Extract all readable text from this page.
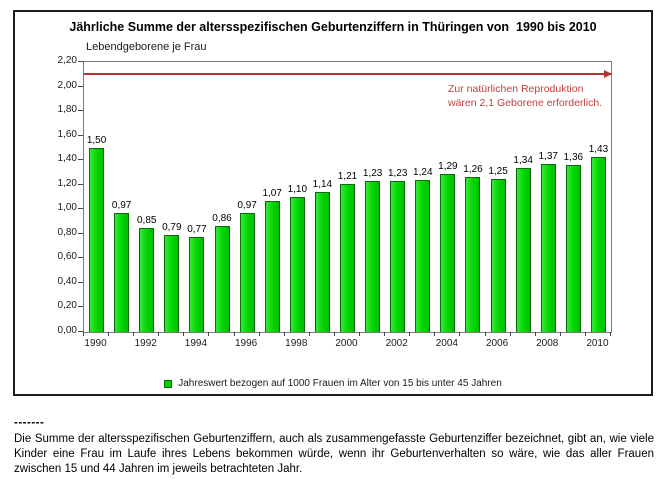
Jährliche Summe der altersspezifischen Geburtenziffern in Thüringen von  1990 bis 2010
Lebendgeborene je Frau
Zur natürlichen Reproduktion
wären 2,1 Geborene erforderlich.
1,50
0,97
0,85
0,79 0,77
0,86
0,97
1,07 1,10 1,14
1,21 1,23 1,23 1,24
1,29 1,26 1,25
1,34 1,37 1,36
1,43
0,00
0,20
0,40
0,60
0,80
1,00
1,20
1,40
1,60
1,80
2,00
2,20
1990	1992	1994	1996	1998	2000	2002	2004	2006	2008	2010
Jahreswert bezogen auf 1000 Frauen im Alter von 15 bis unter 45 Jahren
-------
Die Summe der altersspezifischen Geburtenziffern, auch als zusammengefasste Geburtenziffer bezeichnet, gibt an, wie viele Kinder eine Frau im Laufe ihres Lebens bekommen würde, wenn ihr Geburtenverhalten so wäre, wie das aller Frauen zwischen 15 und 44 Jahren im jeweils betrachteten Jahr.
